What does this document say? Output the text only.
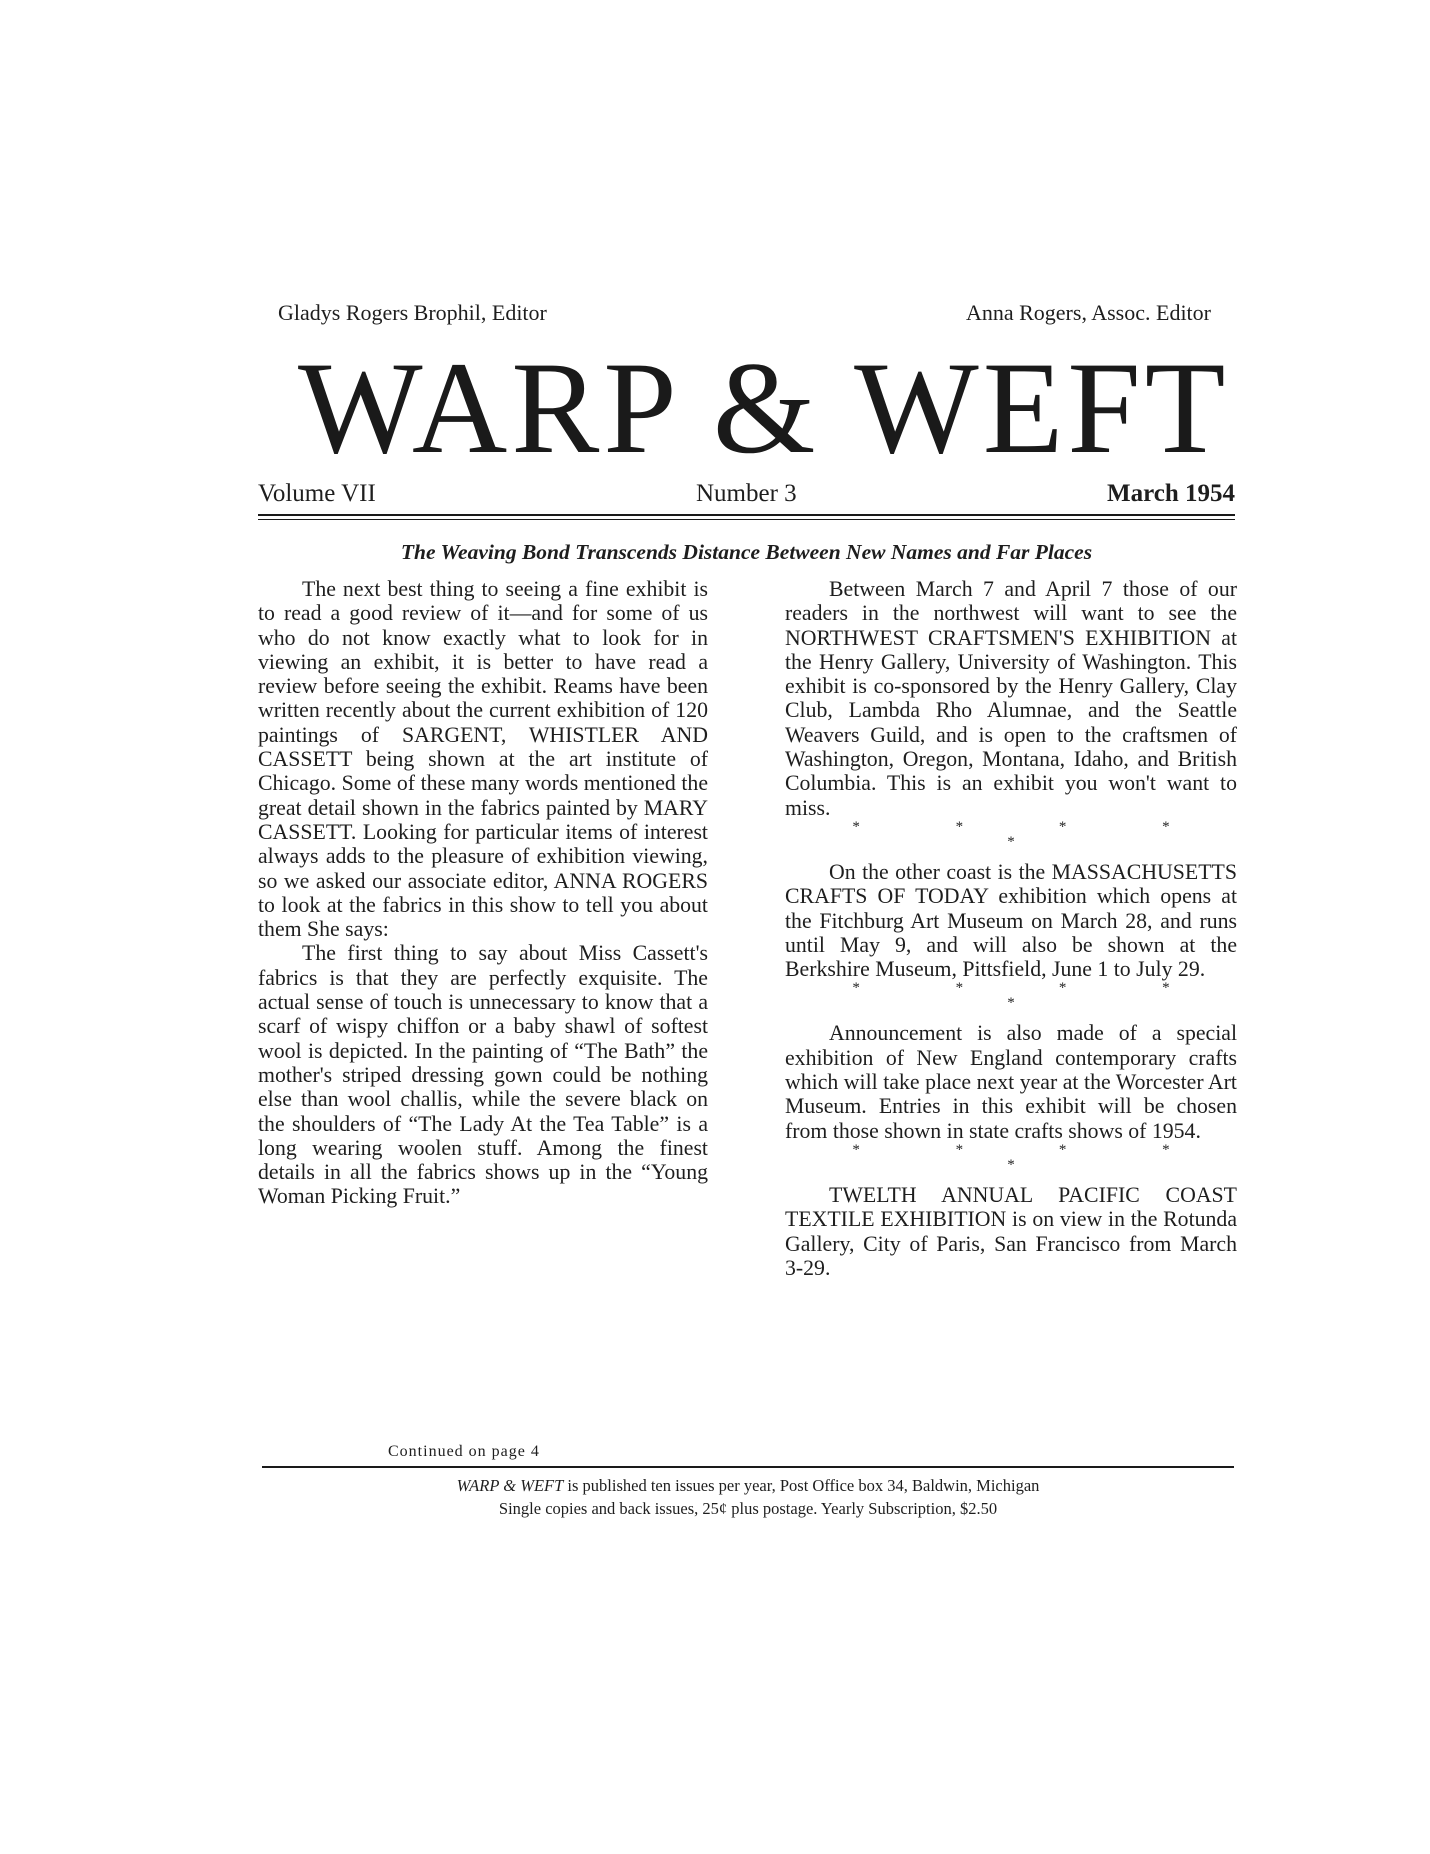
Gladys Rogers Brophil, Editor	Anna Rogers, Assoc. Editor
WARP & WEFT
Volume VII	Number 3	March 1954
The Weaving Bond Transcends Distance Between New Names and Far Places

The next best thing to seeing a fine exhibit is to read a good review of it—and for some of us who do not know exactly what to look for in viewing an exhibit, it is better to have read a review before seeing the exhibit. Reams have been written recently about the current exhibition of 120 paintings of SARGENT, WHISTLER AND CASSETT being shown at the art institute of Chicago. Some of these many words mentioned the great detail shown in the fabrics painted by MARY CASSETT. Looking for particular items of interest always adds to the pleasure of exhibition viewing, so we asked our associate editor, ANNA ROGERS to look at the fabrics in this show to tell you about them She says:

The first thing to say about Miss Cassett's fabrics is that they are perfectly exquisite. The actual sense of touch is unnecessary to know that a scarf of wispy chiffon or a baby shawl of softest wool is depicted. In the painting of “The Bath” the mother's striped dressing gown could be nothing else than wool challis, while the severe black on the shoulders of “The Lady At the Tea Table” is a long wearing woolen stuff. Among the finest details in all the fabrics shows up in the “Young Woman Picking Fruit.”

Continued on page 4

Between March 7 and April 7 those of our readers in the northwest will want to see the NORTHWEST CRAFTSMEN'S EXHIBITION at the Henry Gallery, University of Washington. This exhibit is co-sponsored by the Henry Gallery, Clay Club, Lambda Rho Alumnae, and the Seattle Weavers Guild, and is open to the craftsmen of Washington, Oregon, Montana, Idaho, and British Columbia. This is an exhibit you won't want to miss.

* * * * *

On the other coast is the MASSACHUSETTS CRAFTS OF TODAY exhibition which opens at the Fitchburg Art Museum on March 28, and runs until May 9, and will also be shown at the Berkshire Museum, Pittsfield, June 1 to July 29.

* * * * *

Announcement is also made of a special exhibition of New England contemporary crafts which will take place next year at the Worcester Art Museum. Entries in this exhibit will be chosen from those shown in state crafts shows of 1954.

* * * * *

TWELTH ANNUAL PACIFIC COAST TEXTILE EXHIBITION is on view in the Rotunda Gallery, City of Paris, San Francisco from March 3-29.

WARP & WEFT is published ten issues per year, Post Office box 34, Baldwin, Michigan
Single copies and back issues, 25¢ plus postage. Yearly Subscription, $2.50
